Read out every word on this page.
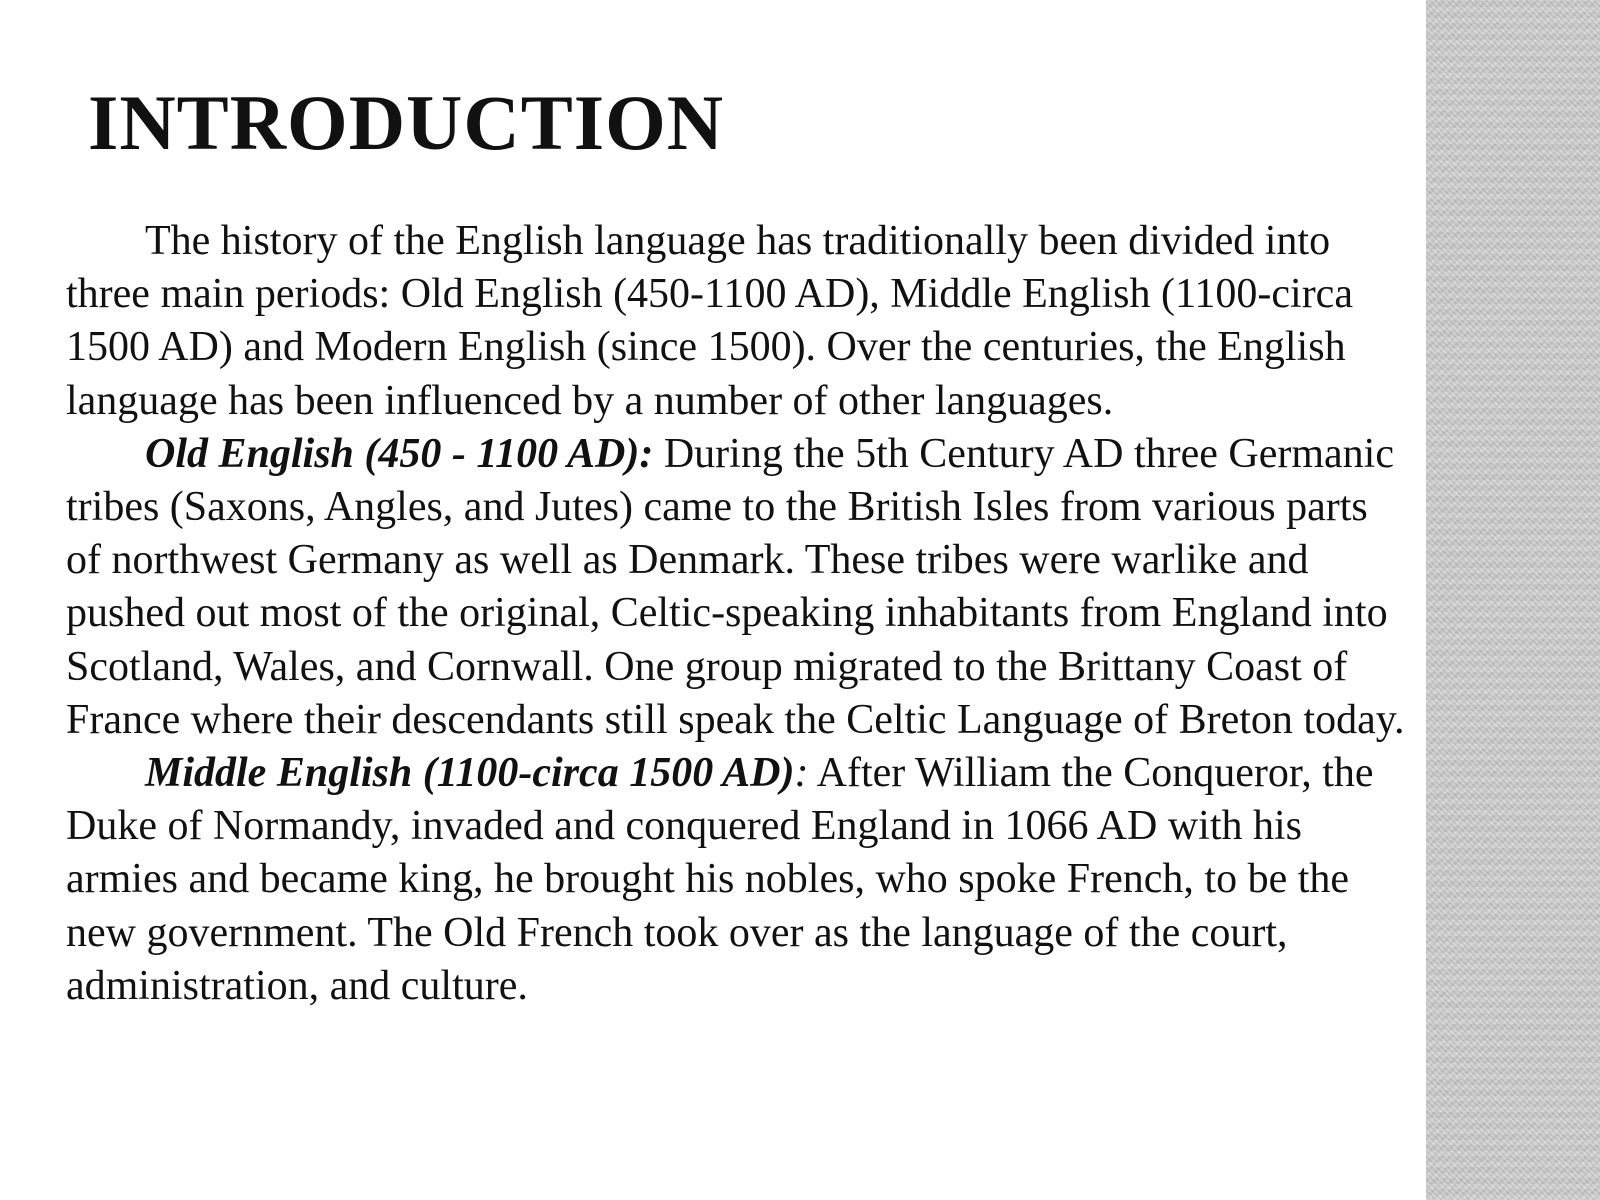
INTRODUCTION

The history of the English language has traditionally been divided into three main periods: Old English (450-1100 AD), Middle English (1100-circa 1500 AD) and Modern English (since 1500). Over the centuries, the English language has been influenced by a number of other languages.

Old English (450 - 1100 AD): During the 5th Century AD three Germanic tribes (Saxons, Angles, and Jutes) came to the British Isles from various parts of northwest Germany as well as Denmark. These tribes were warlike and pushed out most of the original, Celtic-speaking inhabitants from England into Scotland, Wales, and Cornwall. One group migrated to the Brittany Coast of France where their descendants still speak the Celtic Language of Breton today.

Middle English (1100-circa 1500 AD): After William the Conqueror, the Duke of Normandy, invaded and conquered England in 1066 AD with his armies and became king, he brought his nobles, who spoke French, to be the new government. The Old French took over as the language of the court, administration, and culture.
